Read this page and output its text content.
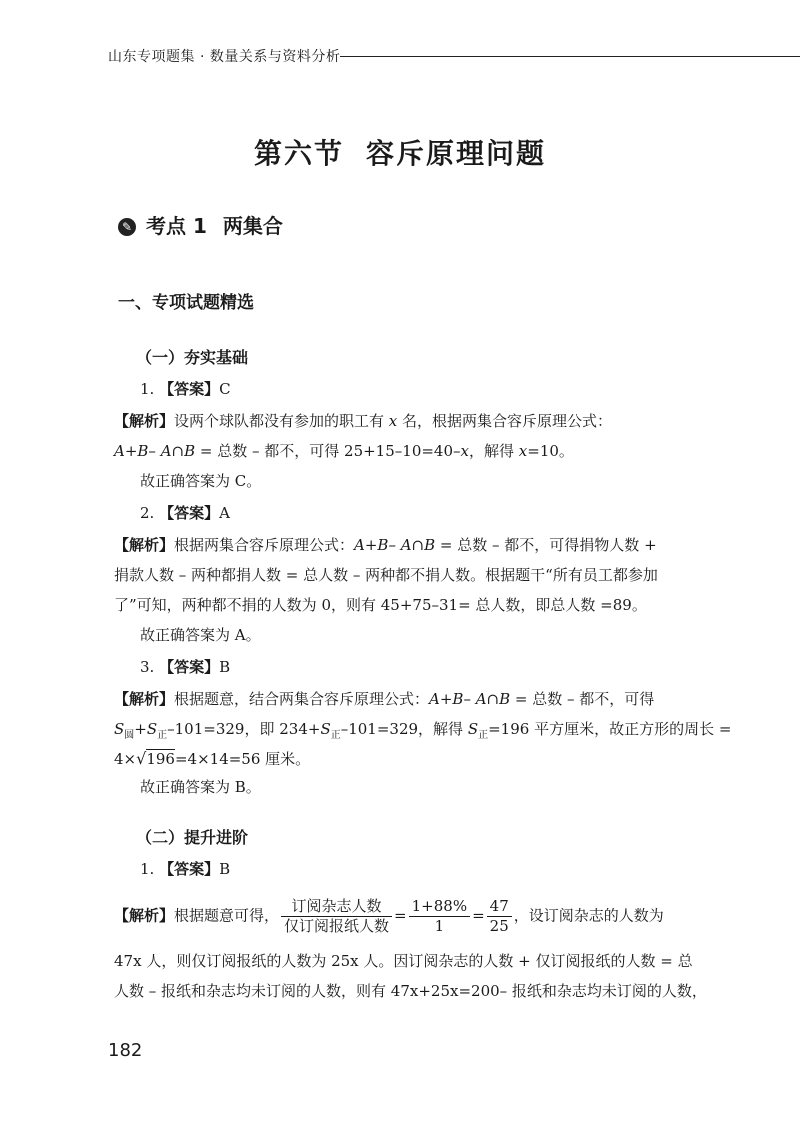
山东专项题集 · 数量关系与资料分析
第六节 容斥原理问题
✎ 考点 1 两集合
一、专项试题精选
（一）夯实基础
1. 【答案】C
【解析】设两个球队都没有参加的职工有 x 名，根据两集合容斥原理公式：
A+B– A∩B = 总数 – 都不，可得 25+15–10=40–x，解得 x=10。
故正确答案为 C。
2. 【答案】A
【解析】根据两集合容斥原理公式：A+B– A∩B = 总数 – 都不，可得捐物人数 +
捐款人数 – 两种都捐人数 = 总人数 – 两种都不捐人数。根据题干“所有员工都参加
了”可知，两种都不捐的人数为 0，则有 45+75–31= 总人数，即总人数 =89。
故正确答案为 A。
3. 【答案】B
【解析】根据题意，结合两集合容斥原理公式：A+B– A∩B = 总数 – 都不，可得
$S_圆+S_正-101=329$，即 $234+S_正-101=329$，解得 $S_正=196$ 平方厘米，故正方形的周长 =
4×√196=4×14=56 厘米。
故正确答案为 B。
（二）提升进阶
1. 【答案】B
【解析】根据题意可得， $\frac{\text{订阅杂志人数}}{\text{仅订阅报纸人数}} = \frac{1+88\%}{1} = \frac{47}{25}$ ，设订阅杂志的人数为
47x 人，则仅订阅报纸的人数为 25x 人。因订阅杂志的人数 + 仅订阅报纸的人数 = 总
人数 – 报纸和杂志均未订阅的人数，则有 47x+25x=200– 报纸和杂志均未订阅的人数，
182
